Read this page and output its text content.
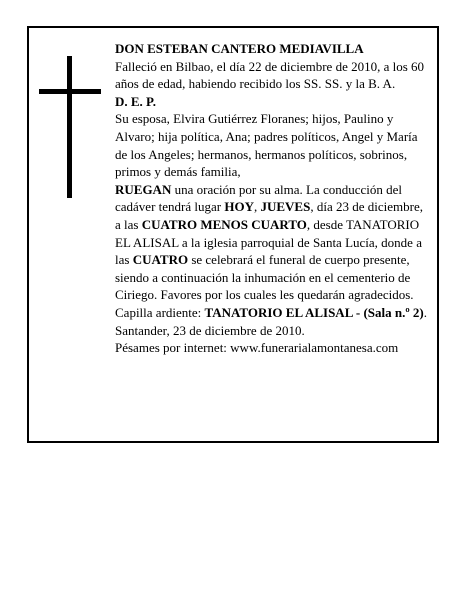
DON ESTEBAN CANTERO MEDIAVILLA

Falleció en Bilbao, el día 22 de diciembre de 2010, a los 60 años de edad, habiendo recibido los SS. SS. y la B. A.

D. E. P.

Su esposa, Elvira Gutiérrez Floranes; hijos, Paulino y Alvaro; hija política, Ana; padres políticos, Angel y María de los Angeles; hermanos, hermanos políticos, sobrinos, primos y demás familia,

RUEGAN una oración por su alma. La conducción del cadáver tendrá lugar HOY, JUEVES, día 23 de diciembre, a las CUATRO MENOS CUARTO, desde TANATORIO EL ALISAL a la iglesia parroquial de Santa Lucía, donde a las CUATRO se celebrará el funeral de cuerpo presente, siendo a continuación la inhumación en el cementerio de Ciriego. Favores por los cuales les quedarán agradecidos.

Capilla ardiente: TANATORIO EL ALISAL - (Sala n.º 2).

Santander, 23 de diciembre de 2010.

Pésames por internet: www.funerarialamontanesa.com
